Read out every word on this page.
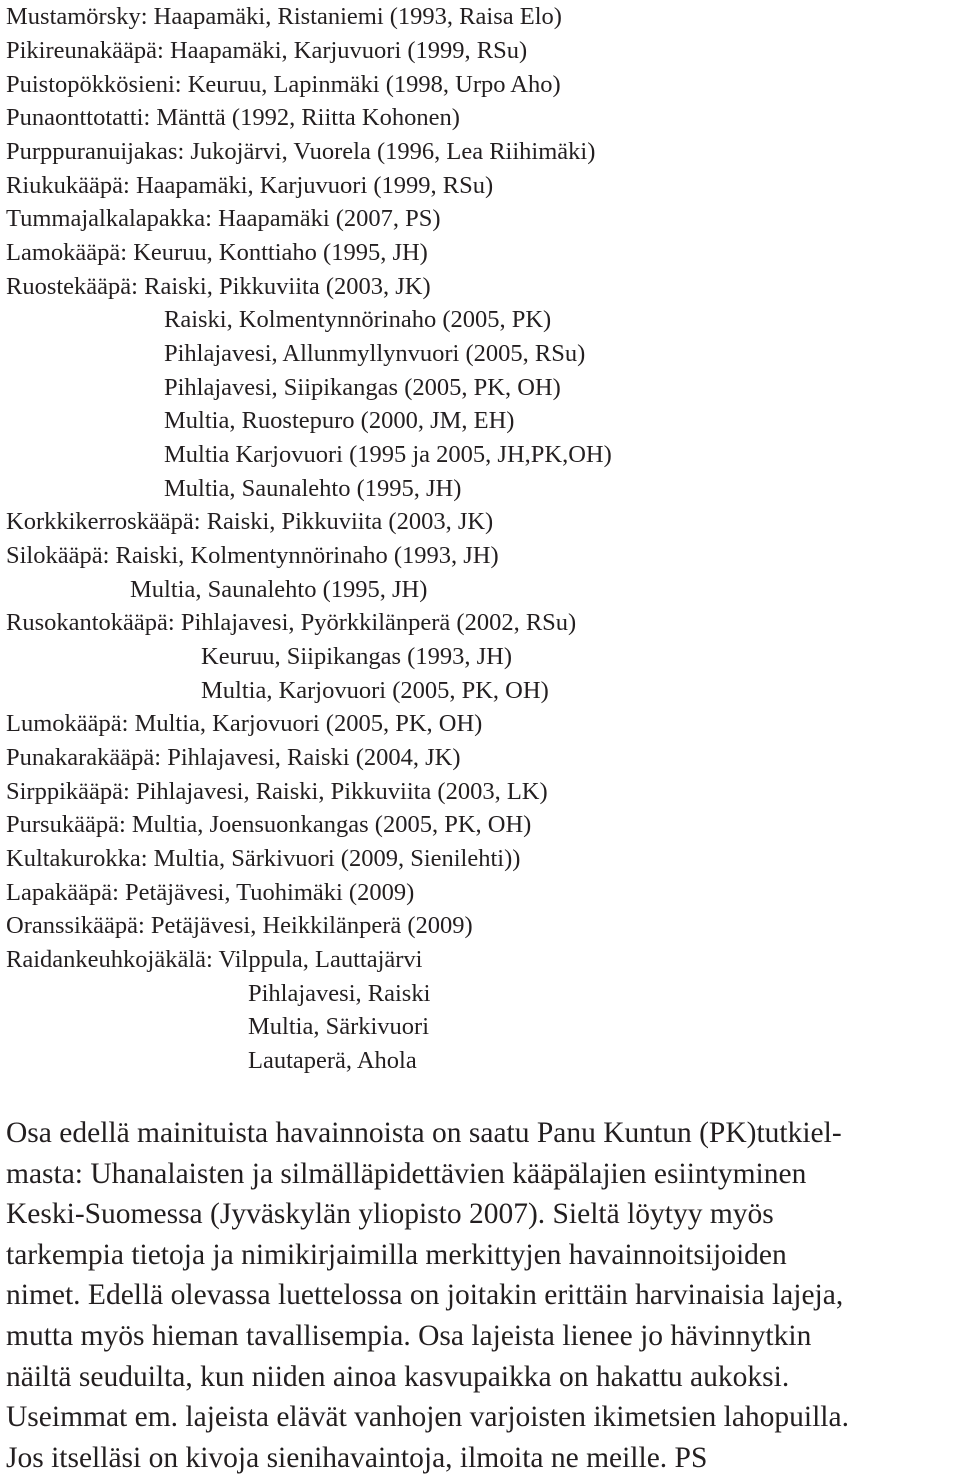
Mustamörsky: Haapamäki, Ristaniemi (1993, Raisa Elo)
Pikireunakääpä: Haapamäki, Karjuvuori (1999, RSu)
Puistopökkösieni: Keuruu, Lapinmäki (1998, Urpo Aho)
Punaonttotatti: Mänttä (1992, Riitta Kohonen)
Purppuranuijakas: Jukojärvi, Vuorela (1996, Lea Riihimäki)
Riukukääpä: Haapamäki, Karjuvuori (1999, RSu)
Tummajalkalapakka: Haapamäki (2007, PS)
Lamokääpä: Keuruu, Konttiaho (1995, JH)
Ruostekääpä: Raiski, Pikkuviita (2003, JK)
Raiski, Kolmentynnörinaho (2005, PK)
Pihlajavesi, Allunmyllynvuori (2005, RSu)
Pihlajavesi, Siipikangas (2005, PK, OH)
Multia, Ruostepuro (2000, JM, EH)
Multia Karjovuori (1995 ja 2005, JH,PK,OH)
Multia, Saunalehto (1995, JH)
Korkkikerroskääpä: Raiski, Pikkuviita (2003, JK)
Silokääpä: Raiski, Kolmentynnörinaho (1993, JH)
Multia, Saunalehto (1995, JH)
Rusokantokääpä: Pihlajavesi, Pyörkkilänperä (2002, RSu)
Keuruu, Siipikangas (1993, JH)
Multia, Karjovuori (2005, PK, OH)
Lumokääpä: Multia, Karjovuori (2005, PK, OH)
Punakarakääpä: Pihlajavesi, Raiski (2004, JK)
Sirppikääpä: Pihlajavesi, Raiski, Pikkuviita (2003, LK)
Pursukääpä: Multia, Joensuonkangas (2005, PK, OH)
Kultakurokka: Multia, Särkivuori (2009, Sienilehti))
Lapakääpä: Petäjävesi, Tuohimäki (2009)
Oranssikääpä: Petäjävesi, Heikkilänperä (2009)
Raidankeuhkojäkälä: Vilppula, Lauttajärvi
Pihlajavesi, Raiski
Multia, Särkivuori
Lautaperä, Ahola
Osa edellä mainituista havainnoista on saatu Panu Kuntun (PK)tutkiel-
masta: Uhanalaisten ja silmälläpidettävien kääpälajien esiintyminen
Keski-Suomessa (Jyväskylän yliopisto 2007). Sieltä löytyy myös
tarkempia tietoja ja nimikirjaimilla merkittyjen havainnoitsijoiden
nimet. Edellä olevassa luettelossa on joitakin erittäin harvinaisia lajeja,
mutta myös hieman tavallisempia. Osa lajeista lienee jo hävinnytkin
näiltä seuduilta, kun niiden ainoa kasvupaikka on hakattu aukoksi.
Useimmat em. lajeista elävät vanhojen varjoisten ikimetsien lahopuilla.
Jos itselläsi on kivoja sienihavaintoja, ilmoita ne meille. PS
